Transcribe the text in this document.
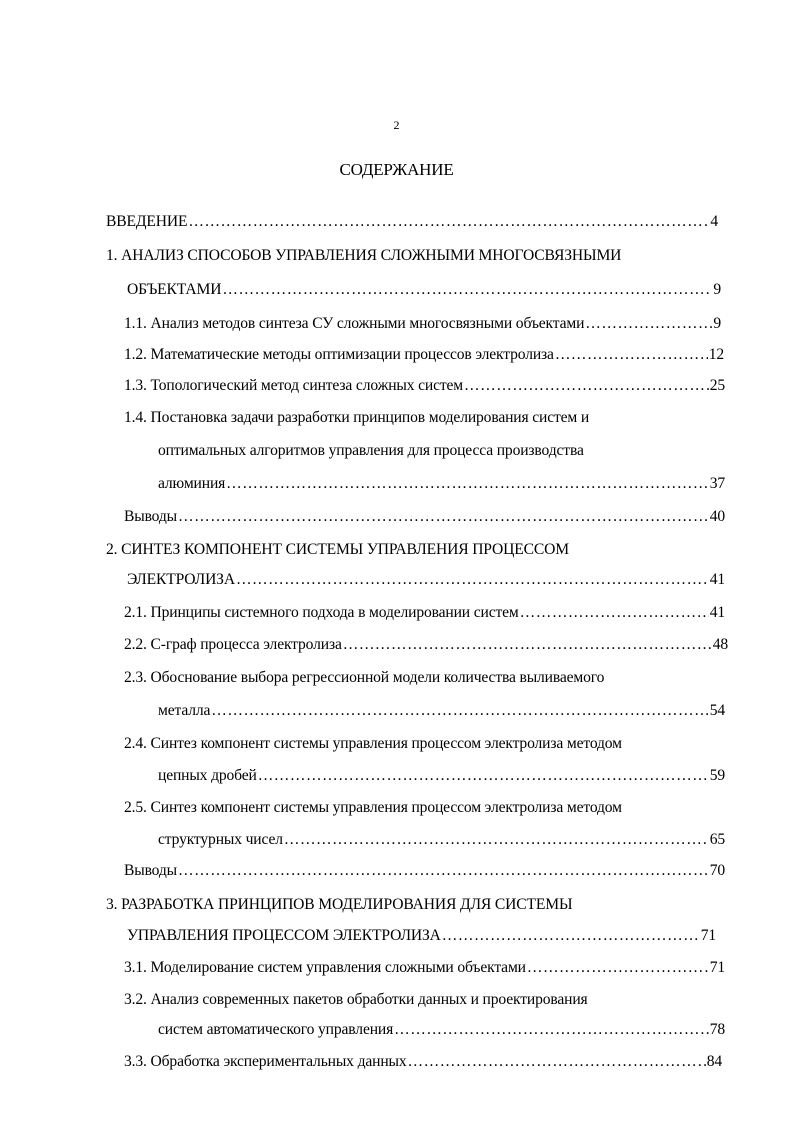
2
СОДЕРЖАНИЕ
ВВЕДЕНИЕ …………………………………………………………………………………………………………………………………………………………	4
1. АНАЛИЗ СПОСОБОВ УПРАВЛЕНИЯ СЛОЖНЫМИ МНОГОСВЯЗНЫМИ
ОБЪЕКТАМИ …………………………………………………………………………………………………………………………………………………………	9
1.1. Анализ методов синтеза СУ сложными многосвязными объектами …………………………………………………………………………………………………………………………………………………………	9
1.2. Математические методы оптимизации процессов электролиза …………………………………………………………………………………………………………………………………………………………	12
1.3. Топологический метод синтеза сложных систем …………………………………………………………………………………………………………………………………………………………	25
1.4. Постановка задачи разработки принципов моделирования систем и
оптимальных алгоритмов управления для процесса производства
алюминия …………………………………………………………………………………………………………………………………………………………	37
Выводы …………………………………………………………………………………………………………………………………………………………	40
2. СИНТЕЗ КОМПОНЕНТ СИСТЕМЫ УПРАВЛЕНИЯ ПРОЦЕССОМ
ЭЛЕКТРОЛИЗА …………………………………………………………………………………………………………………………………………………………	41
2.1. Принципы системного подхода в моделировании систем …………………………………………………………………………………………………………………………………………………………	41
2.2. С-граф процесса электролиза …………………………………………………………………………………………………………………………………………………………	48
2.3. Обоснование выбора регрессионной модели количества выливаемого
металла …………………………………………………………………………………………………………………………………………………………	54
2.4. Синтез компонент системы управления процессом электролиза методом
цепных дробей …………………………………………………………………………………………………………………………………………………………	59
2.5. Синтез компонент системы управления процессом электролиза методом
структурных чисел …………………………………………………………………………………………………………………………………………………………	65
Выводы …………………………………………………………………………………………………………………………………………………………	70
3. РАЗРАБОТКА ПРИНЦИПОВ МОДЕЛИРОВАНИЯ ДЛЯ СИСТЕМЫ
УПРАВЛЕНИЯ ПРОЦЕССОМ ЭЛЕКТРОЛИЗА …………………………………………………………………………………………………………………………………………………………	71
3.1. Моделирование систем управления сложными объектами …………………………………………………………………………………………………………………………………………………………	71
3.2. Анализ современных пакетов обработки данных и проектирования
систем автоматического управления …………………………………………………………………………………………………………………………………………………………	78
3.3. Обработка экспериментальных данных …………………………………………………………………………………………………………………………………………………………	84
